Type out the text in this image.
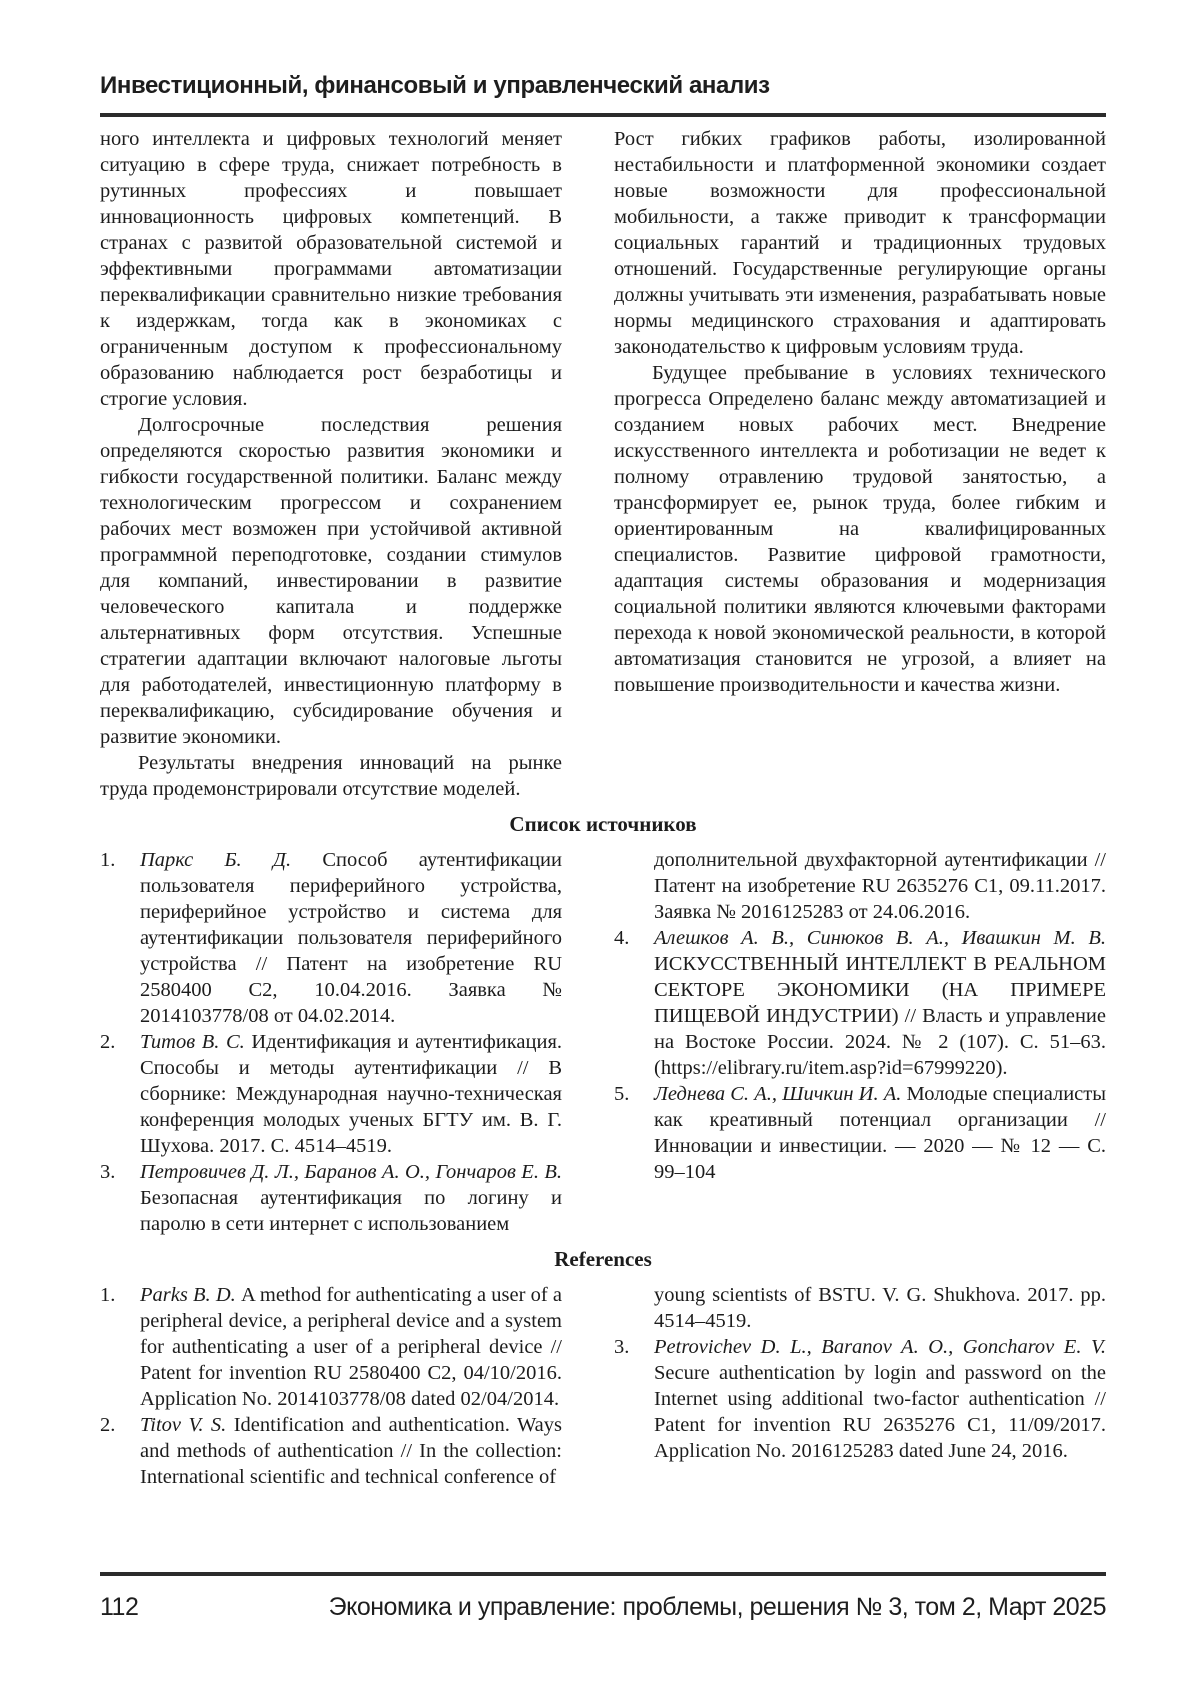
Инвестиционный, финансовый и управленческий анализ

ного интеллекта и цифровых технологий меняет ситуацию в сфере труда, снижает потребность в рутинных профессиях и повышает инновационность цифровых компетенций. В странах с развитой образовательной системой и эффективными программами автоматизации переквалификации сравнительно низкие требования к издержкам, тогда как в экономиках с ограниченным доступом к профессиональному образованию наблюдается рост безработицы и строгие условия.

Долгосрочные последствия решения определяются скоростью развития экономики и гибкости государственной политики. Баланс между технологическим прогрессом и сохранением рабочих мест возможен при устойчивой активной программной переподготовке, создании стимулов для компаний, инвестировании в развитие человеческого капитала и поддержке альтернативных форм отсутствия. Успешные стратегии адаптации включают налоговые льготы для работодателей, инвестиционную платформу в переквалификацию, субсидирование обучения и развитие экономики.

Результаты внедрения инноваций на рынке труда продемонстрировали отсутствие моделей.

Рост гибких графиков работы, изолированной нестабильности и платформенной экономики создает новые возможности для профессиональной мобильности, а также приводит к трансформации социальных гарантий и традиционных трудовых отношений. Государственные регулирующие органы должны учитывать эти изменения, разрабатывать новые нормы медицинского страхования и адаптировать законодательство к цифровым условиям труда.

Будущее пребывание в условиях технического прогресса Определено баланс между автоматизацией и созданием новых рабочих мест. Внедрение искусственного интеллекта и роботизации не ведет к полному отравлению трудовой занятостью, а трансформирует ее, рынок труда, более гибким и ориентированным на квалифицированных специалистов. Развитие цифровой грамотности, адаптация системы образования и модернизация социальной политики являются ключевыми факторами перехода к новой экономической реальности, в которой автоматизация становится не угрозой, а влияет на повышение производительности и качества жизни.

Список источников
1.	Паркс Б. Д. Способ аутентификации пользователя периферийного устройства, периферийное устройство и система для аутентификации пользователя периферийного устройства // Патент на изобретение RU 2580400 C2, 10.04.2016. Заявка № 2014103778/08 от 04.02.2014.
2.	Титов В. С. Идентификация и аутентификация. Способы и методы аутентификации // В сборнике: Международная научно-техническая конференция молодых ученых БГТУ им. В. Г. Шухова. 2017. С. 4514–4519.
3.	Петровичев Д. Л., Баранов А. О., Гончаров Е. В. Безопасная аутентификация по логину и паролю в сети интернет с использованием
дополнительной двухфакторной аутентификации // Патент на изобретение RU 2635276 C1, 09.11.2017. Заявка № 2016125283 от 24.06.2016.
4.	Алешков А. В., Синюков В. А., Ивашкин М. В. ИСКУССТВЕННЫЙ ИНТЕЛЛЕКТ В РЕАЛЬНОМ СЕКТОРЕ ЭКОНОМИКИ (НА ПРИМЕРЕ ПИЩЕВОЙ ИНДУСТРИИ) // Власть и управление на Востоке России. 2024. № 2 (107). С. 51–63. (https://elibrary.ru/item.asp?id=67999220).
5.	Леднева С. А., Шичкин И. А. Молодые специалисты как креативный потенциал организации // Инновации и инвестиции. — 2020 — № 12 — С. 99–104
References
1.	Parks B. D. A method for authenticating a user of a peripheral device, a peripheral device and a system for authenticating a user of a peripheral device // Patent for invention RU 2580400 C2, 04/10/2016. Application No. 2014103778/08 dated 02/04/2014.
2.	Titov V. S. Identification and authentication. Ways and methods of authentication // In the collection: International scientific and technical conference of
young scientists of BSTU. V. G. Shukhova. 2017. pp. 4514–4519.
3.	Petrovichev D. L., Baranov A. O., Goncharov E. V. Secure authentication by login and password on the Internet using additional two-factor authentication // Patent for invention RU 2635276 C1, 11/09/2017. Application No. 2016125283 dated June 24, 2016.
112	Экономика и управление: проблемы, решения № 3, том 2, Март 2025
